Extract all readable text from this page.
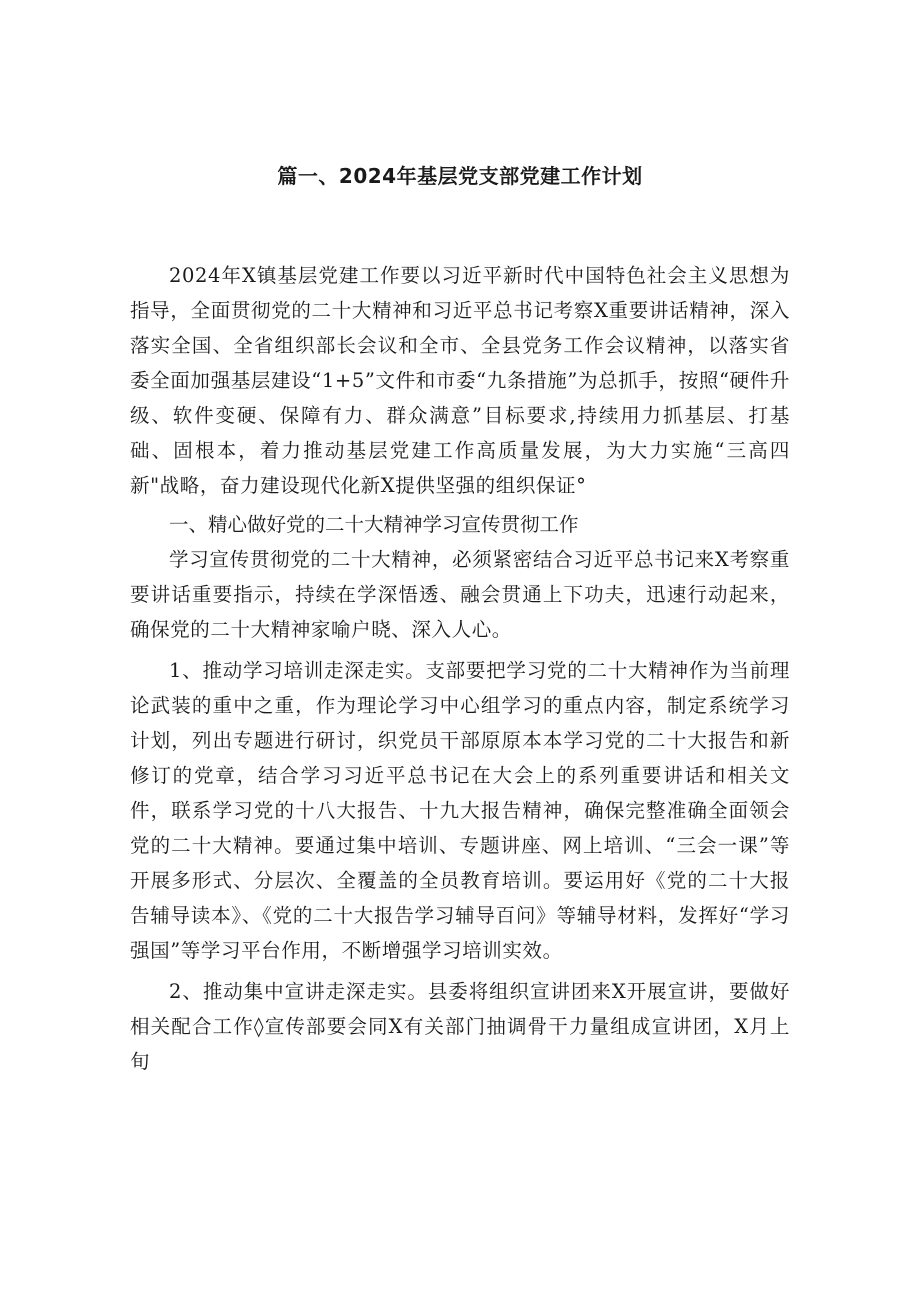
篇一、2024年基层党支部党建工作计划

2024年X镇基层党建工作要以习近平新时代中国特色社会主义思想为指导，全面贯彻党的二十大精神和习近平总书记考察X重要讲话精神，深入落实全国、全省组织部长会议和全市、全县党务工作会议精神，以落实省委全面加强基层建设“1+5”文件和市委“九条措施”为总抓手，按照“硬件升级、软件变硬、保障有力、群众满意”目标要求,持续用力抓基层、打基础、固根本，着力推动基层党建工作高质量发展，为大力实施“三高四新"战略，奋力建设现代化新X提供坚强的组织保证°

一、精心做好党的二十大精神学习宣传贯彻工作

学习宣传贯彻党的二十大精神，必须紧密结合习近平总书记来X考察重要讲话重要指示，持续在学深悟透、融会贯通上下功夫，迅速行动起来，确保党的二十大精神家喻户晓、深入人心。

1、推动学习培训走深走实。支部要把学习党的二十大精神作为当前理论武装的重中之重，作为理论学习中心组学习的重点内容，制定系统学习计划，列出专题进行研讨，织党员干部原原本本学习党的二十大报告和新修订的党章，结合学习习近平总书记在大会上的系列重要讲话和相关文件，联系学习党的十八大报告、十九大报告精神，确保完整准确全面领会党的二十大精神。要通过集中培训、专题讲座、网上培训、“三会一课”等开展多形式、分层次、全覆盖的全员教育培训。要运用好《党的二十大报告辅导读本》、《党的二十大报告学习辅导百问》等辅导材料，发挥好“学习强国”等学习平台作用，不断增强学习培训实效。

2、推动集中宣讲走深走实。县委将组织宣讲团来X开展宣讲，要做好相关配合工作◊宣传部要会同X有关部门抽调骨干力量组成宣讲团，X月上旬
